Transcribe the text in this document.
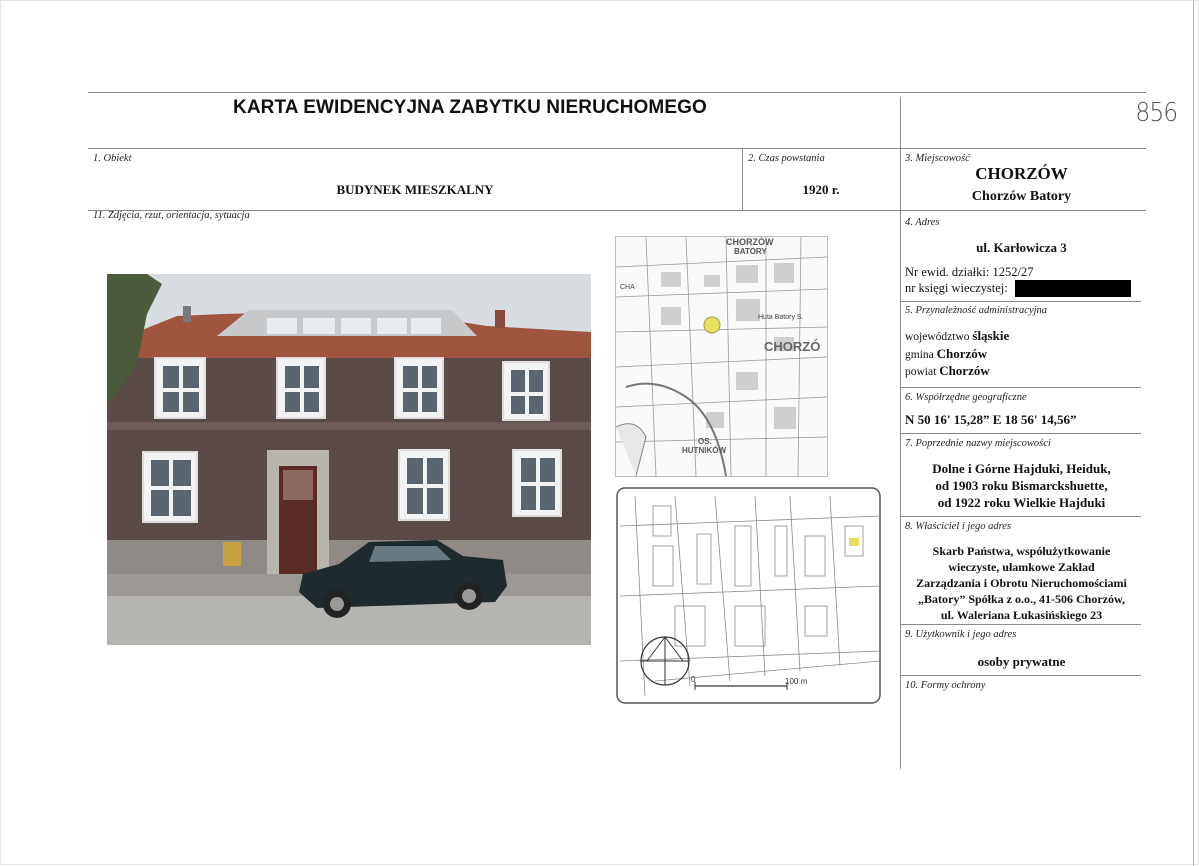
KARTA EWIDENCYJNA ZABYTKU NIERUCHOMEGO	856
1. Obiekt
BUDYNEK MIESZKALNY
2. Czas powstania
1920 r.
3. Miejscowość
CHORZÓW
Chorzów Batory
11. Zdjęcia, rzut, orientacja, sytuacja
CHORZÓW
BATORY
Huta Batory S.
CHORZÓ
CHA
OS.
HUTNIKÓW
0	100 m
4. Adres
ul. Karłowicza 3
Nr ewid. działki: 1252/27
nr księgi wieczystej:
5. Przynależność administracyjna
województwo śląskie
gmina Chorzów
powiat Chorzów
6. Współrzędne geograficzne
N 50 16' 15,28” E 18 56' 14,56”
7. Poprzednie nazwy miejscowości
Dolne i Górne Hajduki, Heiduk,
od 1903 roku Bismarckshuette,
od 1922 roku Wielkie Hajduki
8. Właściciel i jego adres
Skarb Państwa, współużytkowanie
wieczyste, ułamkowe Zakład
Zarządzania i Obrotu Nieruchomościami
„Batory” Spółka z o.o., 41-506 Chorzów,
ul. Waleriana Łukasińskiego 23
9. Użytkownik i jego adres
osoby prywatne
10. Formy ochrony
